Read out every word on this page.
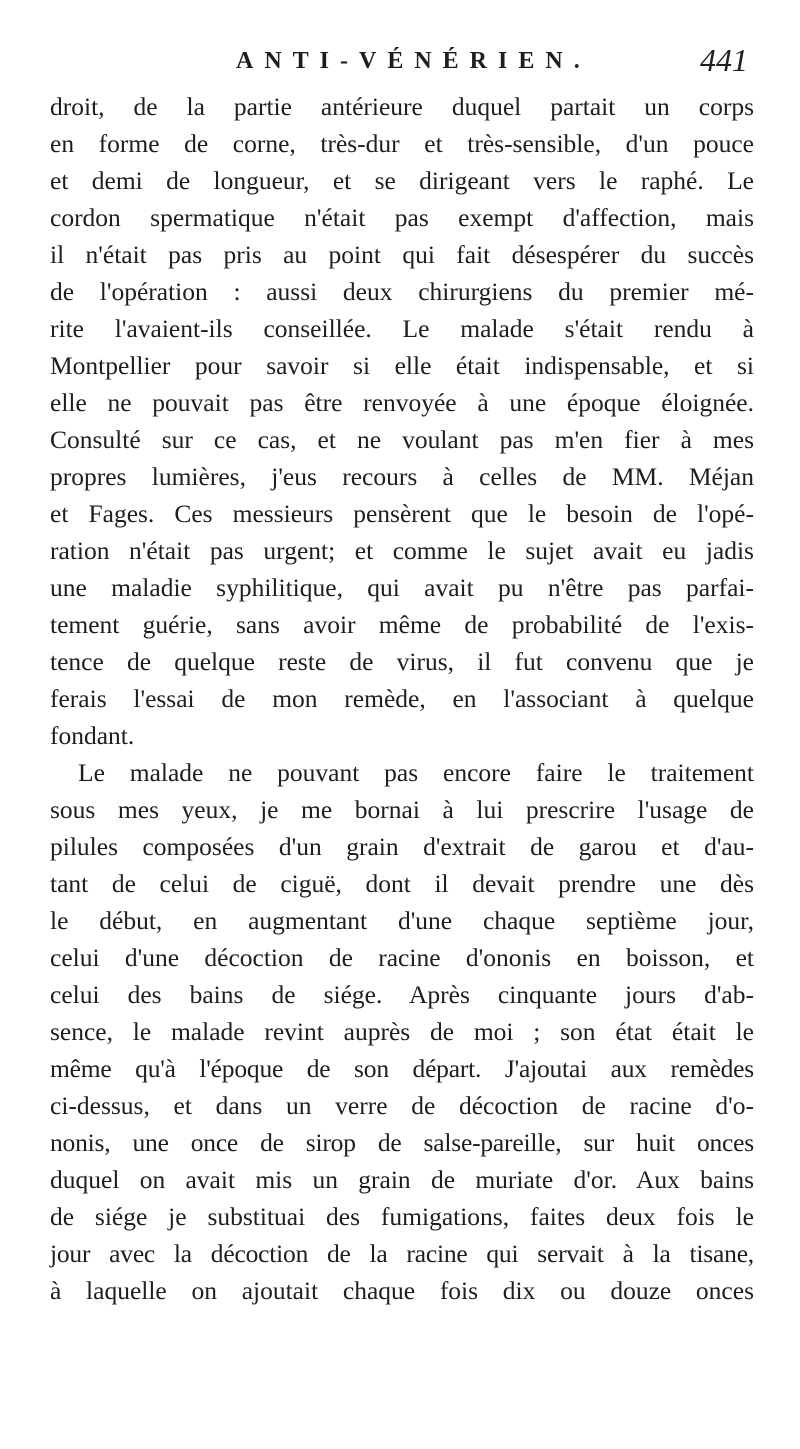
ANTI-VÉNÉRIEN.	441
droit, de la partie antérieure duquel partait un corps
en forme de corne, très-dur et très-sensible, d'un pouce
et demi de longueur, et se dirigeant vers le raphé. Le
cordon spermatique n'était pas exempt d'affection, mais
il n'était pas pris au point qui fait désespérer du succès
de l'opération : aussi deux chirurgiens du premier mé-
rite l'avaient-ils conseillée. Le malade s'était rendu à
Montpellier pour savoir si elle était indispensable, et si
elle ne pouvait pas être renvoyée à une époque éloignée.
Consulté sur ce cas, et ne voulant pas m'en fier à mes
propres lumières, j'eus recours à celles de MM. Méjan
et Fages. Ces messieurs pensèrent que le besoin de l'opé-
ration n'était pas urgent; et comme le sujet avait eu jadis
une maladie syphilitique, qui avait pu n'être pas parfai-
tement guérie, sans avoir même de probabilité de l'exis-
tence de quelque reste de virus, il fut convenu que je
ferais l'essai de mon remède, en l'associant à quelque
fondant.
Le malade ne pouvant pas encore faire le traitement
sous mes yeux, je me bornai à lui prescrire l'usage de
pilules composées d'un grain d'extrait de garou et d'au-
tant de celui de ciguë, dont il devait prendre une dès
le début, en augmentant d'une chaque septième jour,
celui d'une décoction de racine d'ononis en boisson, et
celui des bains de siége. Après cinquante jours d'ab-
sence, le malade revint auprès de moi ; son état était le
même qu'à l'époque de son départ. J'ajoutai aux remèdes
ci-dessus, et dans un verre de décoction de racine d'o-
nonis, une once de sirop de salse-pareille, sur huit onces
duquel on avait mis un grain de muriate d'or. Aux bains
de siége je substituai des fumigations, faites deux fois le
jour avec la décoction de la racine qui servait à la tisane,
à laquelle on ajoutait chaque fois dix ou douze onces
